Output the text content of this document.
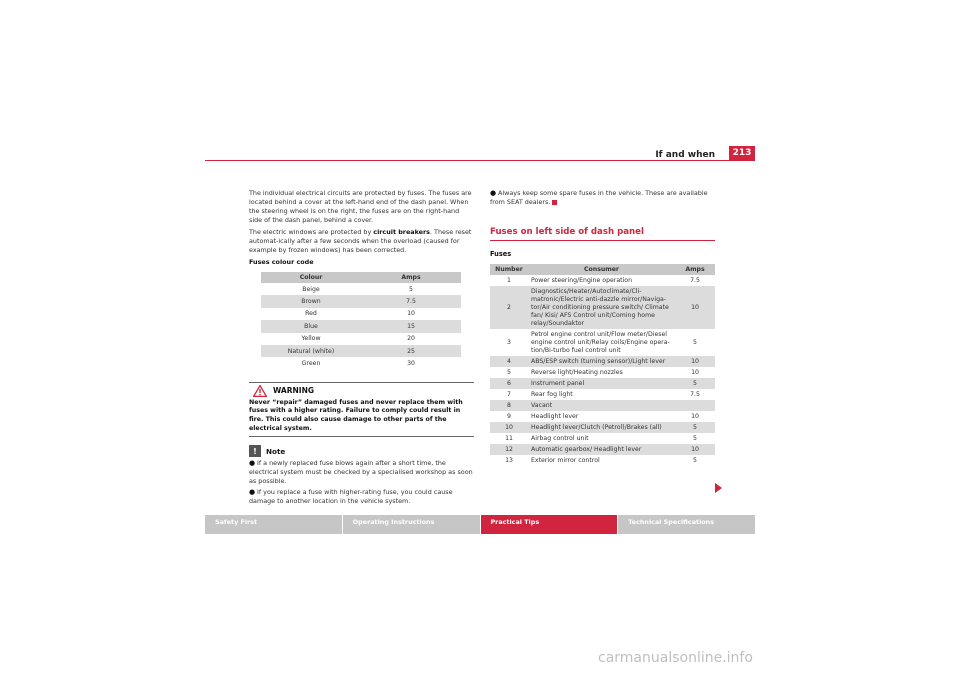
If and when	213

The individual electrical circuits are protected by fuses. The fuses are located behind a cover at the left-hand end of the dash panel. When the steering wheel is on the right, the fuses are on the right-hand side of the dash panel, behind a cover.

The electric windows are protected by circuit breakers. These reset automat-ically after a few seconds when the overload (caused for example by frozen windows) has been corrected.

Fuses colour code
Colour	Amps
Beige	5
Brown	7.5
Red	10
Blue	15
Yellow	20
Natural (white)	25
Green	30
WARNING
Never “repair” damaged fuses and never replace them with fuses with a higher rating. Failure to comply could result in fire. This could also cause damage to other parts of the electrical system.
!	Note
● If a newly replaced fuse blows again after a short time, the electrical system must be checked by a specialised workshop as soon as possible.
● If you replace a fuse with higher-rating fuse, you could cause damage to another location in the vehicle system.
● Always keep some spare fuses in the vehicle. These are available from SEAT dealers.
Fuses on left side of dash panel
Fuses
Number	Consumer	Amps
1	Power steering/Engine operation	7.5
2	Diagnostics/Heater/Autoclimate/Cli-matronic/Electric anti-dazzle mirror/Naviga-tor/Air conditioning pressure switch/ Climate fan/ Kisi/ AFS Control unit/Coming home relay/Soundaktor	10
3	Petrol engine control unit/Flow meter/Diesel engine control unit/Relay coils/Engine opera-tion/Bi-turbo fuel control unit	5
4	ABS/ESP switch (turning sensor)/Light lever	10
5	Reverse light/Heating nozzles	10
6	Instrument panel	5
7	Rear fog light	7.5
8	Vacant	
9	Headlight lever	10
10	Headlight lever/Clutch (Petrol)/Brakes (all)	5
11	Airbag control unit	5
12	Automatic gearbox/ Headlight lever	10
13	Exterior mirror control	5
Safety First	Operating Instructions	Practical Tips	Technical Specifications
carmanualsonline.info
